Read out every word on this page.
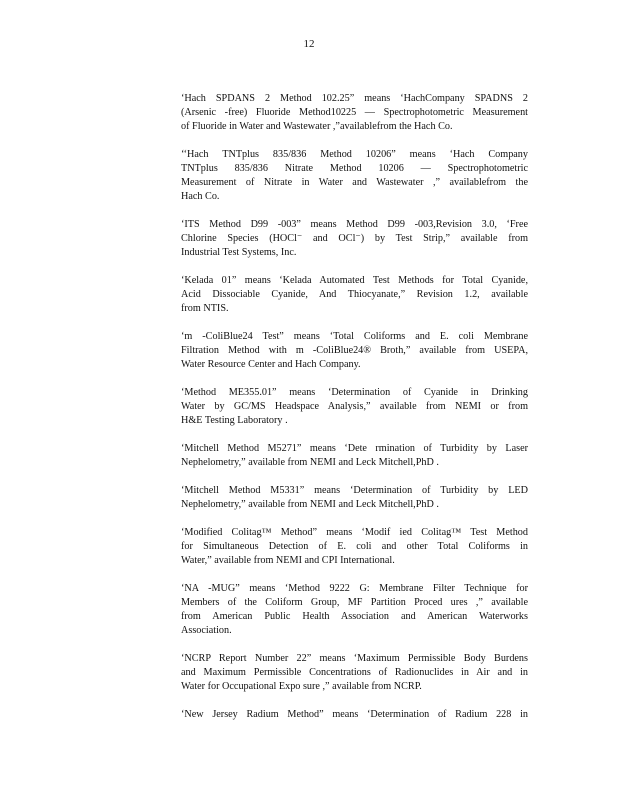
12
‘Hach SPDANS 2 Method 102.25” means ‘HachCompany SPADNS 2
(Arsenic -free) Fluoride Method10225 — Spectrophotometric Measurement
of Fluoride in Water and Wastewater ,”availablefrom the Hach Co.
‘‘Hach TNTplus 835/836 Method 10206” means ‘Hach Company
TNTplus 835/836 Nitrate Method 10206 — Spectrophotometric
Measurement of Nitrate in Water and Wastewater ,” availablefrom the
Hach Co.
‘ITS Method D99 -003” means Method D99 -003,Revision 3.0, ‘Free
Chlorine Species (HOCl⁻ and OCl⁻) by Test Strip,” available from
Industrial Test Systems, Inc.
‘Kelada 01” means ‘Kelada Automated Test Methods for Total Cyanide,
Acid Dissociable Cyanide, And Thiocyanate,” Revision 1.2, available
from NTIS.
‘m -ColiBlue24 Test” means ‘Total Coliforms and E. coli Membrane
Filtration Method with m -ColiBlue24® Broth,” available from USEPA,
Water Resource Center and Hach Company.
‘Method ME355.01” means ‘Determination of Cyanide in Drinking
Water by GC/MS Headspace Analysis,” available from NEMI or from
H&E Testing Laboratory .
‘Mitchell Method M5271” means ‘Dete rmination of Turbidity by Laser
Nephelometry,” available from NEMI and Leck Mitchell,PhD .
‘Mitchell Method M5331” means ‘Determination of Turbidity by LED
Nephelometry,” available from NEMI and Leck Mitchell,PhD .
‘Modified Colitag™ Method” means ‘Modif ied Colitag™ Test Method
for Simultaneous Detection of E. coli and other Total Coliforms in
Water,” available from NEMI and CPI International.
‘NA -MUG” means ‘Method 9222 G: Membrane Filter Technique for
Members of the Coliform Group, MF Partition Proced ures ,” available
from American Public Health Association and American Waterworks
Association.
‘NCRP Report Number 22” means ‘Maximum Permissible Body Burdens
and Maximum Permissible Concentrations of Radionuclides in Air and in
Water for Occupational Expo sure ,” available from NCRP.
‘New Jersey Radium Method” means ‘Determination of Radium 228 in
